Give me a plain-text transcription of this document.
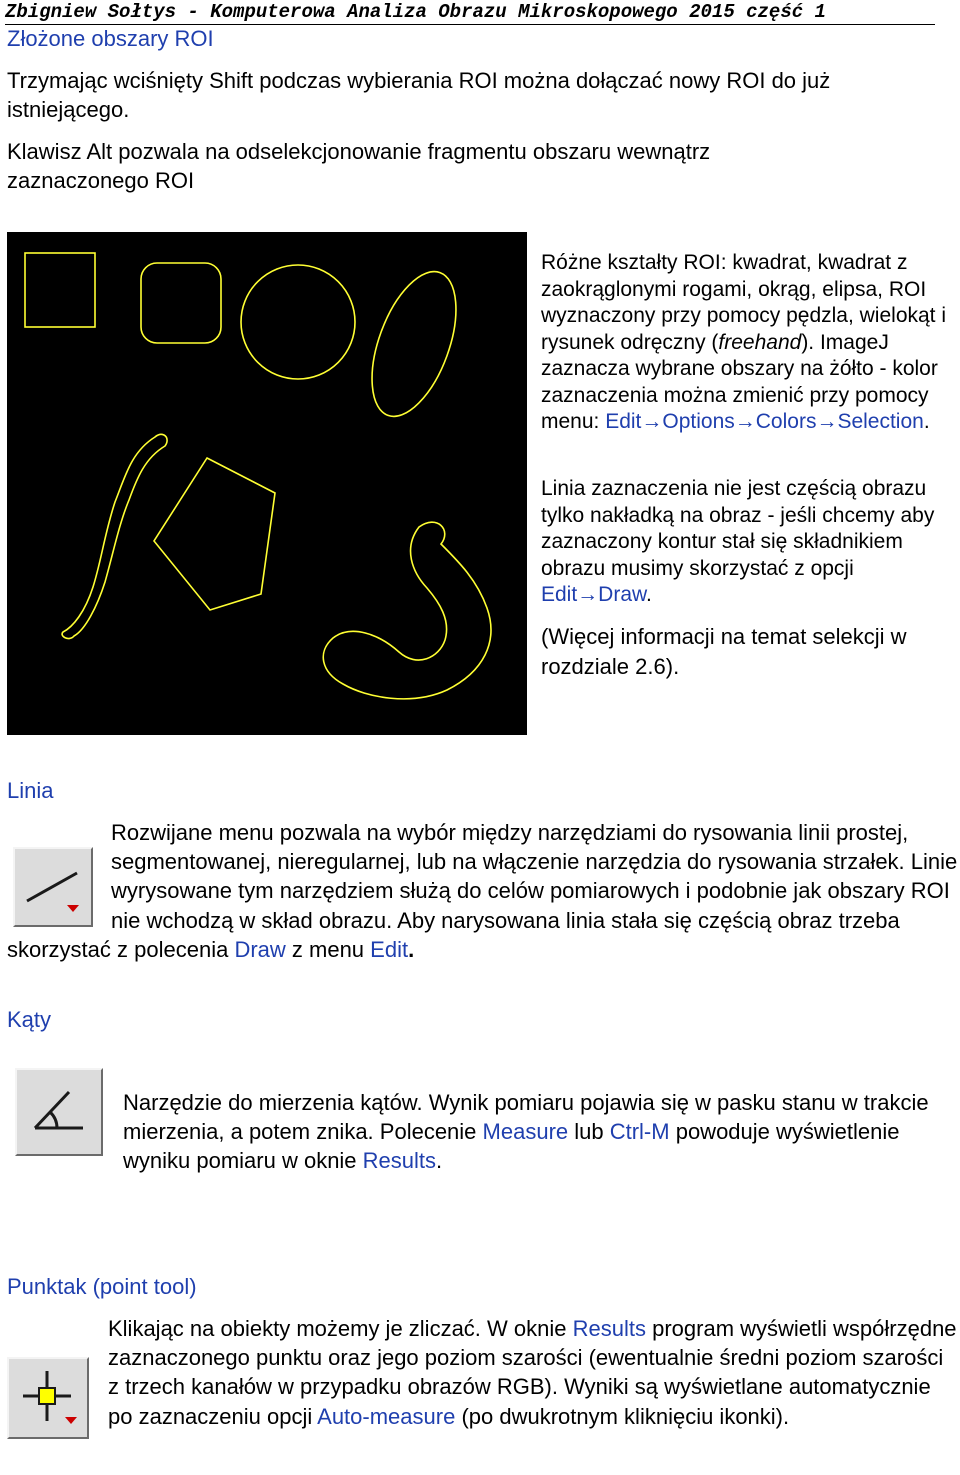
Zbigniew Sołtys - Komputerowa Analiza Obrazu Mikroskopowego 2015 część 1
Złożone obszary ROI
Trzymając wciśnięty Shift podczas wybierania ROI można dołączać nowy ROI do już istniejącego.
Klawisz Alt pozwala na odselekcjonowanie fragmentu obszaru wewnątrz zaznaczonego ROI
Różne kształty ROI: kwadrat, kwadrat z zaokrąglonymi rogami, okrąg, elipsa, ROI wyznaczony przy pomocy pędzla, wielokąt i rysunek odręczny (freehand). ImageJ zaznacza wybrane obszary na żółto - kolor zaznaczenia można zmienić przy pomocy menu: Edit→Options→Colors→Selection.
Linia zaznaczenia nie jest częścią obrazu tylko nakładką na obraz - jeśli chcemy aby zaznaczony kontur stał się składnikiem obrazu musimy skorzystać z opcji Edit→Draw.
(Więcej informacji na temat selekcji w rozdziale 2.6).
Linia
Rozwijane menu pozwala na wybór między narzędziami do rysowania linii prostej, segmentowanej, nieregularnej, lub na włączenie narzędzia do rysowania strzałek. Linie wyrysowane tym narzędziem służą do celów pomiarowych i podobnie jak obszary ROI nie wchodzą w skład obrazu. Aby narysowana linia stała się częścią obraz trzeba skorzystać z polecenia Draw z menu Edit.
Kąty
Narzędzie do mierzenia kątów. Wynik pomiaru pojawia się w pasku stanu w trakcie mierzenia, a potem znika. Polecenie Measure lub Ctrl-M powoduje wyświetlenie wyniku pomiaru w oknie Results.
Punktak (point tool)
Klikając na obiekty możemy je zliczać. W oknie Results program wyświetli współrzędne zaznaczonego punktu oraz jego poziom szarości (ewentualnie średni poziom szarości z trzech kanałów w przypadku obrazów RGB). Wyniki są wyświetlane automatycznie po zaznaczeniu opcji Auto-measure (po dwukrotnym kliknięciu ikonki).
